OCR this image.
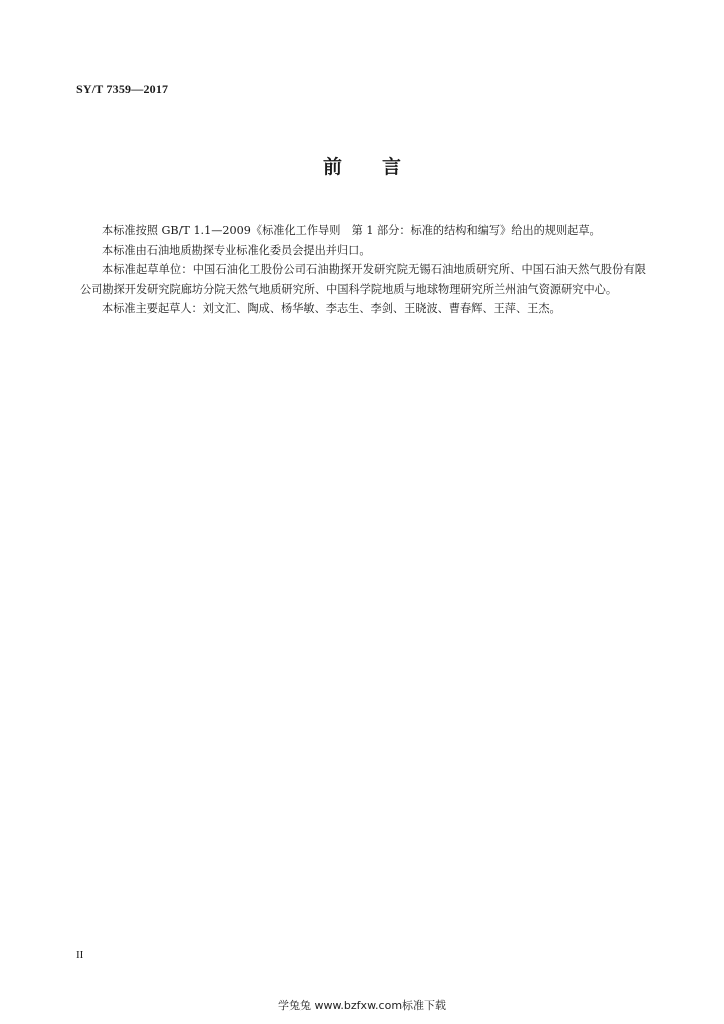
SY/T 7359—2017
前 言

本标准按照 GB/T 1.1—2009《标准化工作导则　第 1 部分：标准的结构和编写》给出的规则起草。

本标准由石油地质勘探专业标准化委员会提出并归口。

本标准起草单位：中国石油化工股份公司石油勘探开发研究院无锡石油地质研究所、中国石油天然气股份有限公司勘探开发研究院廊坊分院天然气地质研究所、中国科学院地质与地球物理研究所兰州油气资源研究中心。

本标准主要起草人：刘文汇、陶成、杨华敏、李志生、李剑、王晓波、曹春辉、王萍、王杰。

II
学兔兔 www.bzfxw.com标准下载
